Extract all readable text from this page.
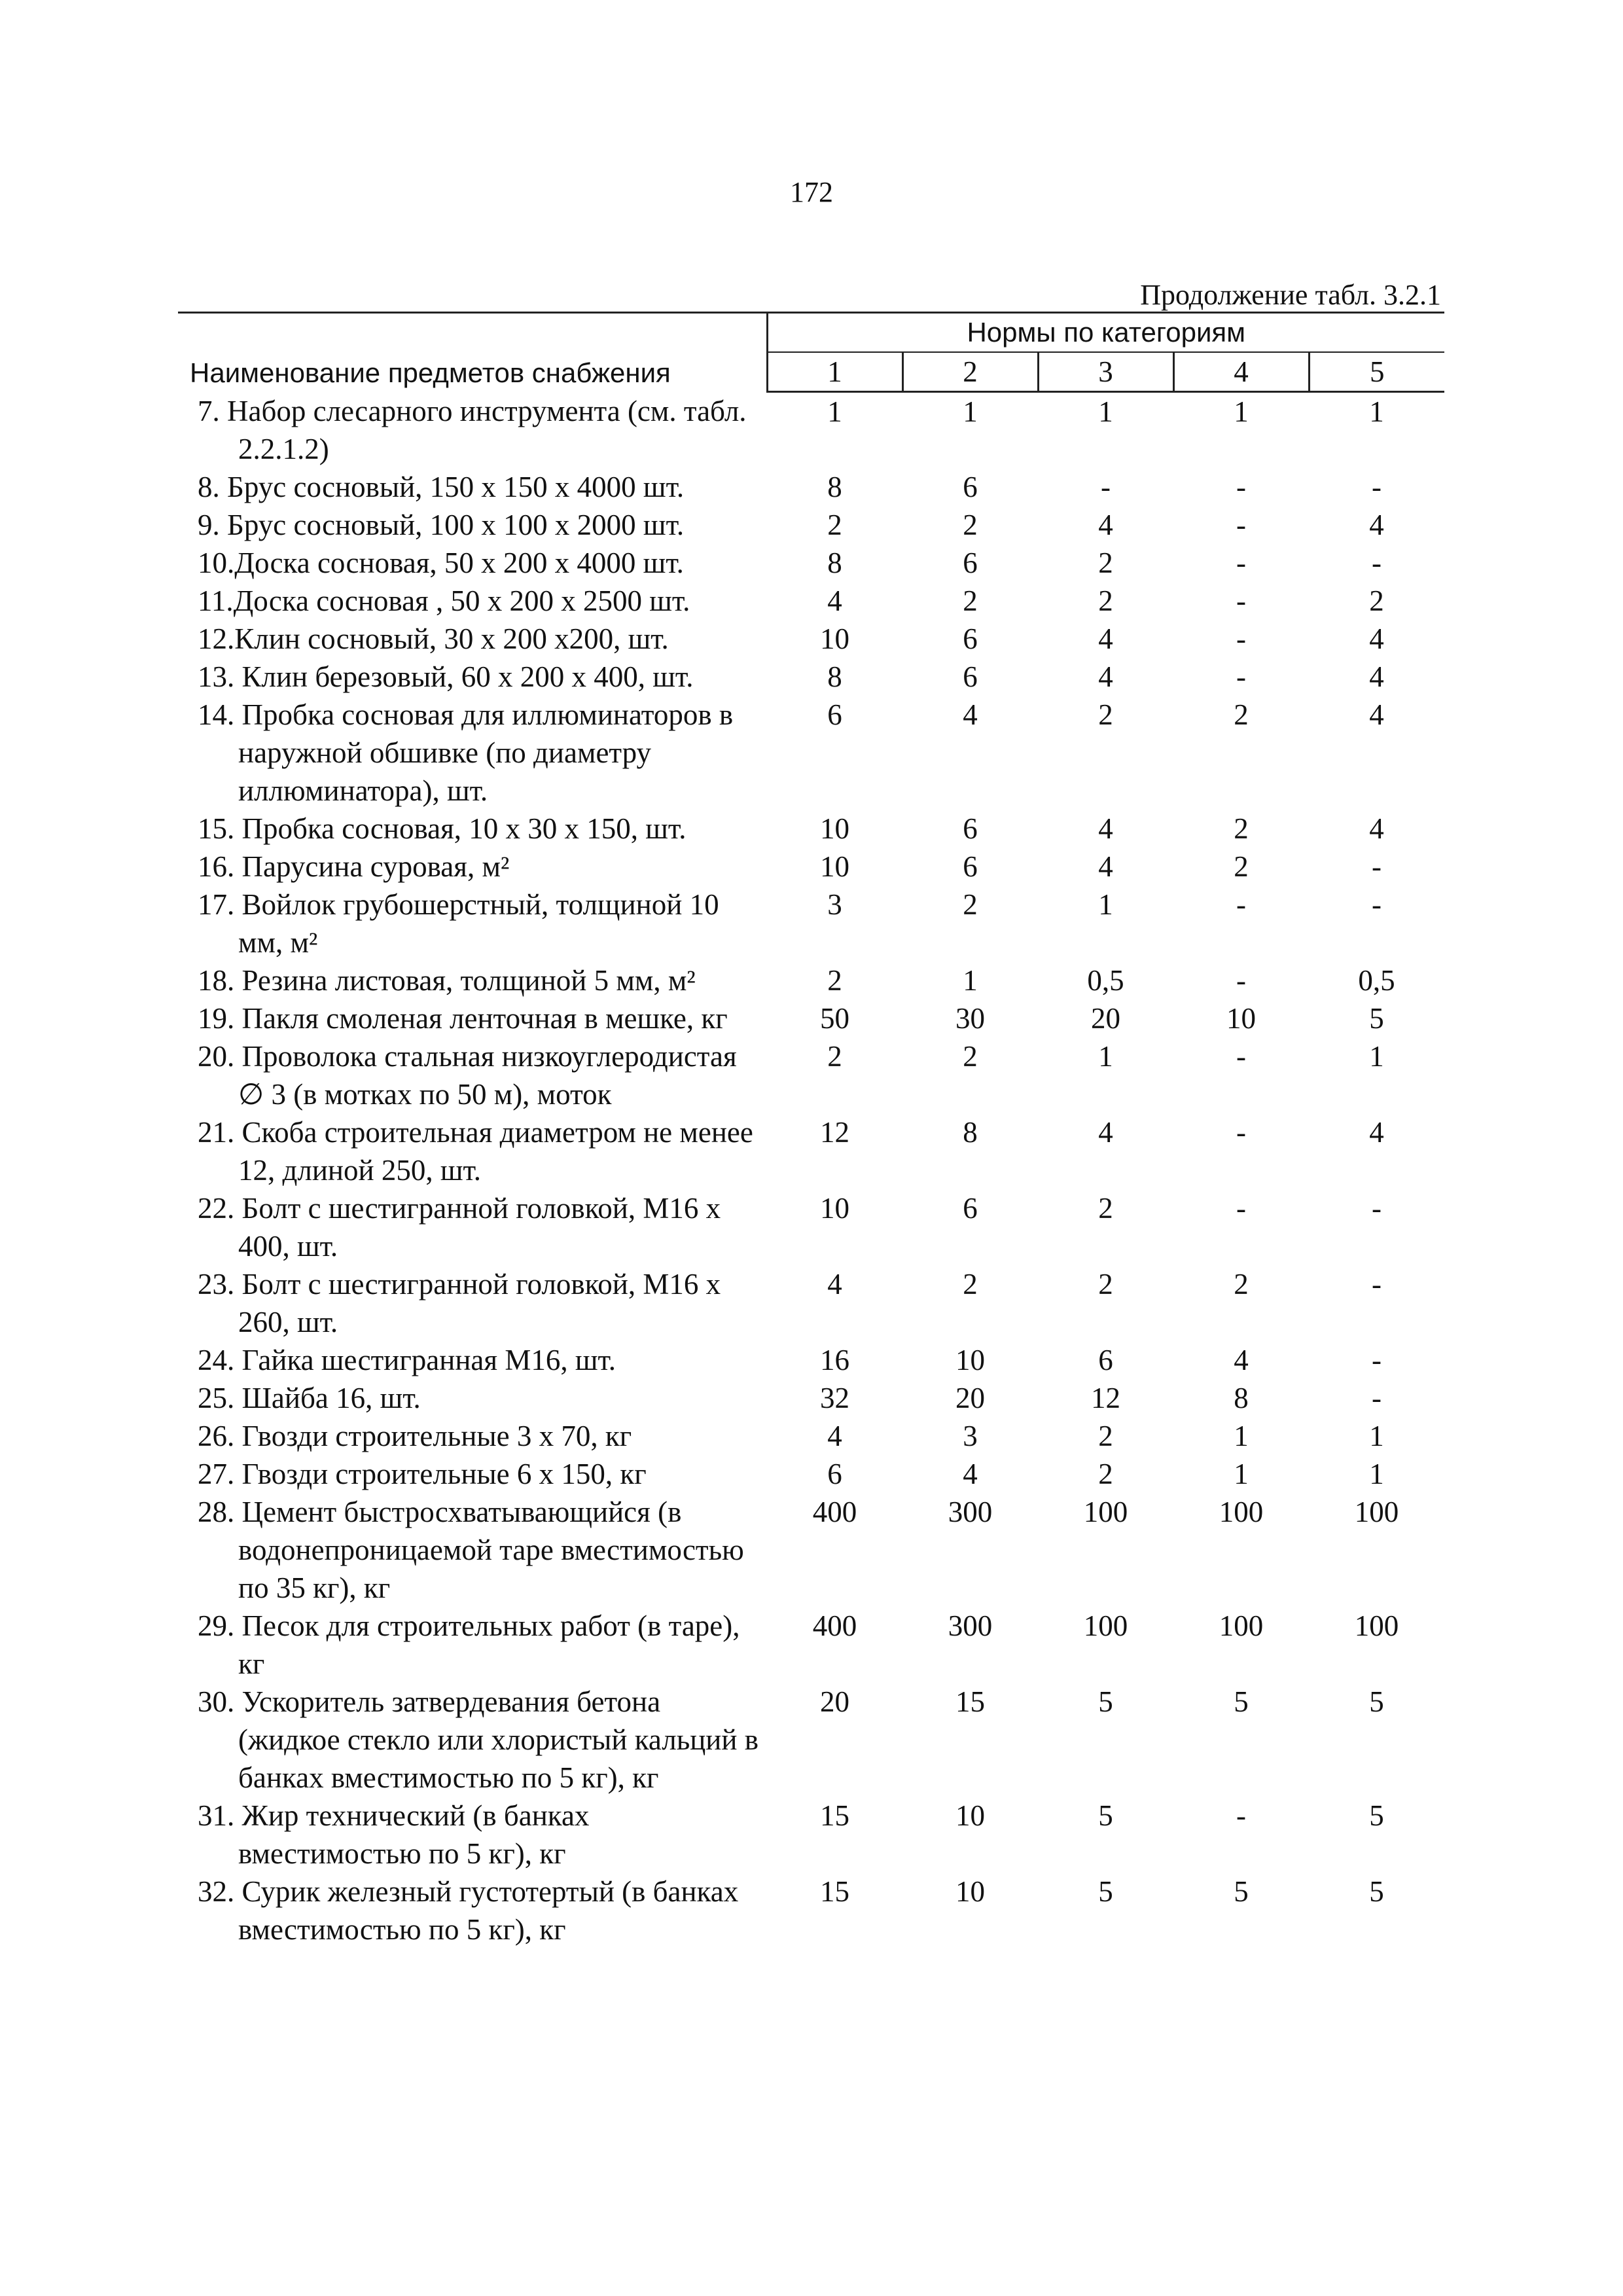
172
Продолжение табл. 3.2.1
Наименование предметов снабжения	Нормы по категориям				
	1	2	3	4	5

7. Набор слесарного инструмента (см. табл. 2.2.1.2)	1	1	1	1	1

8. Брус сосновый, 150 x 150 x 4000 шт.	8	6	-	-	-

9. Брус сосновый, 100 x 100 x 2000 шт.	2	2	4	-	4

10.Доска сосновая, 50 x 200 x 4000 шт.	8	6	2	-	-

11.Доска сосновая , 50 x 200 x 2500 шт.	4	2	2	-	2

12.Клин сосновый, 30 x 200 x200, шт.	10	6	4	-	4

13. Клин березовый, 60 x 200 x 400, шт.	8	6	4	-	4

14. Пробка сосновая для иллюминаторов в наружной обшивке (по диаметру иллюминатора), шт.	6	4	2	2	4

15. Пробка сосновая, 10 x 30 x 150, шт.	10	6	4	2	4

16. Парусина суровая, м²	10	6	4	2	-

17. Войлок грубошерстный, толщиной 10 мм, м²	3	2	1	-	-

18. Резина листовая, толщиной 5 мм, м²	2	1	0,5	-	0,5

19. Пакля смоленая ленточная в мешке, кг	50	30	20	10	5

20. Проволока стальная низкоуглеродистая ∅ 3 (в мотках по 50 м), моток	2	2	1	-	1

21. Скоба строительная диаметром не менее 12, длиной 250, шт.	12	8	4	-	4

22. Болт с шестигранной головкой, М16 x 400, шт.	10	6	2	-	-

23. Болт с шестигранной головкой, М16 x 260, шт.	4	2	2	2	-

24. Гайка шестигранная М16, шт.	16	10	6	4	-

25. Шайба 16, шт.	32	20	12	8	-

26. Гвозди строительные 3 x 70, кг	4	3	2	1	1

27. Гвозди строительные 6 x 150, кг	6	4	2	1	1

28. Цемент быстросхватывающийся (в водонепроницаемой таре вместимостью по 35 кг), кг	400	300	100	100	100

29. Песок для строительных работ (в таре), кг	400	300	100	100	100

30. Ускоритель затвердевания бетона (жидкое стекло или хлористый кальций в банках вместимостью по 5 кг), кг	20	15	5	5	5

31. Жир технический (в банках вместимостью по 5 кг), кг	15	10	5	-	5

32. Сурик железный густотертый (в банках вместимостью по 5 кг), кг	15	10	5	5	5
